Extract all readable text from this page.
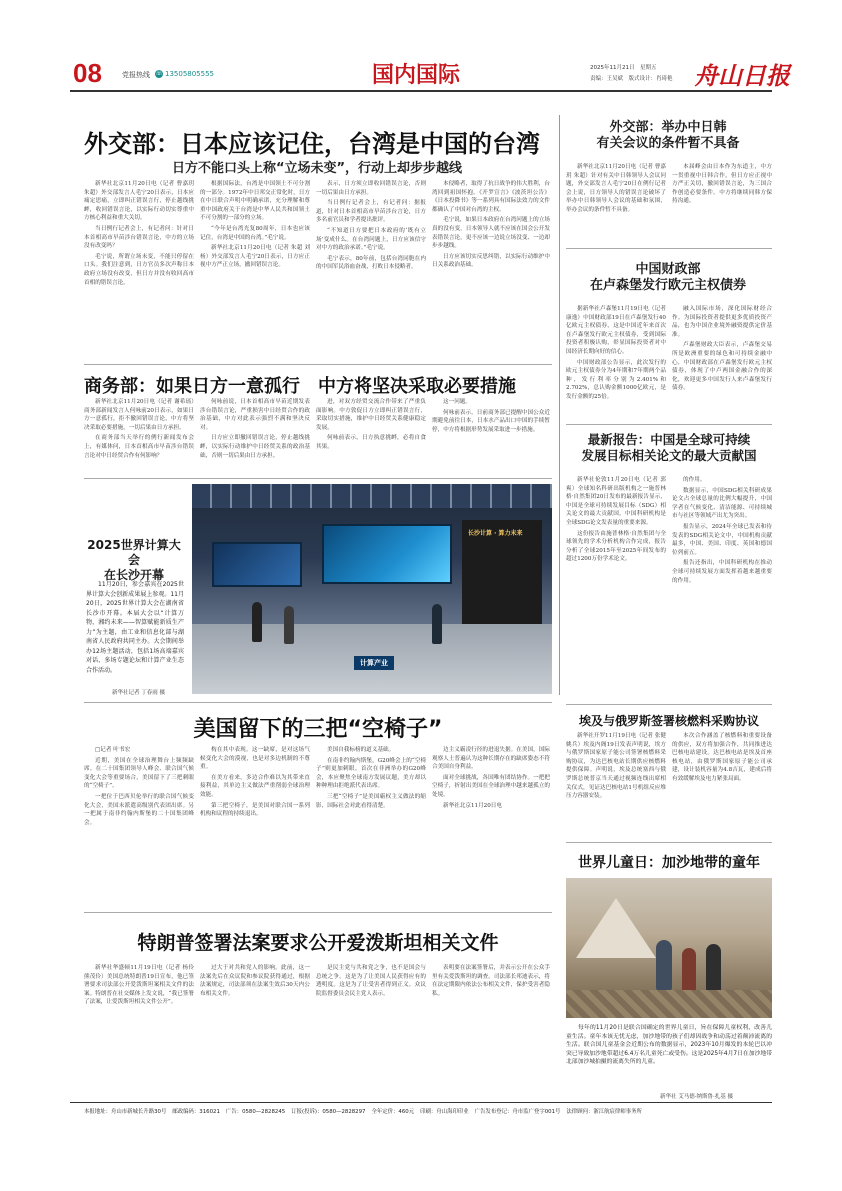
08	党报热线 ☏ 13505805555	国内国际	2025年11月21日　星期五
责编：王吴斌　版式设计：肖琦艳 舟山日报
外交部：日本应该记住，台湾是中国的台湾
日方不能口头上称“立场未变”，行动上却步步越线

新华社北京11月20日电（记者 曹嘉玥 朱超）外交部发言人毛宁20日表示，日本应痛定思痛，立即纠正错误言行，停止越线挑衅，收回错误言论，以实际行动切实尊重中方核心利益和重大关切。

当日例行记者会上，有记者问：针对日本首相高市早苗涉台错误言论，中方的立场没有改变吗？

毛宁说，所谓立场未变，不能只停留在口头。我们注意到，日方官员多次声称日本政府立场没有改变，但日方并没有收回高市首相的错误言论。

根据国际法，台湾是中国领土不可分割的一部分。1972年中日邦交正常化时，日方在中日联合声明中明确承诺，充分理解和尊重中国政府关于台湾是中华人民共和国领土不可分割的一部分的立场。

“今年是台湾光复80周年，日本也应该记住，台湾是中国的台湾。”毛宁说。

新华社北京11月20日电（记者 朱超 刘杨）外交部发言人毛宁20日表示，日方应正视中方严正立场，撤回错误言论。

表示，日方须立即收回错误言论，否则一切后果由日方承担。

当日例行记者会上，有记者问：据报道，针对日本首相高市早苗涉台言论，日方多名前官员和学者提出批评。

“不知道日方要把日本政府的‘既有立场’变成什么。在台湾问题上，日方应该信守对中方的政治承诺。”毛宁说。

毛宁表示，80年前，包括台湾同胞在内的中国军民浴血奋战，打败日本侵略者。

本侵略者，取得了抗日战争的伟大胜利，台湾回到祖国怀抱。《开罗宣言》《波茨坦公告》《日本投降书》等一系列具有国际法效力的文件都确认了中国对台湾的主权。

毛宁说，如果日本政府在台湾问题上的立场真的没有变，日本领导人就不应该在国会公开发表错误言论，更不应该一边说立场没变、一边却步步越线。

日方应该切实反思纠错，以实际行动维护中日关系政治基础。

外交部：举办中日韩
有关会议的条件暂不具备

新华社北京11月20日电（记者 曹嘉玥 朱超）针对有关中日韩领导人会议问题，外交部发言人毛宁20日在例行记者会上说，日方领导人的错误言论破坏了举办中日韩领导人会议的基础和氛围，举办会议的条件暂不具备。

本届峰会由日本作为东道主，中方一贯重视中日韩合作，但日方应正视中方严正关切，撤回错误言论，为三国合作创造必要条件。中方将继续同韩方保持沟通。

中国财政部
在卢森堡发行欧元主权债券

据新华社卢森堡11月19日电（记者 康逸）中国财政部19日在卢森堡发行40亿欧元主权债券，这是中国近年来首次在卢森堡发行欧元主权债券，受到国际投资者积极认购，彰显国际投资者对中国经济长期向好的信心。

中国财政部公告显示，此次发行的欧元主权债券分为4年期和7年期两个品种，发行利率分别为2.401%和2.702%，总认购金额1000亿欧元，是发行金额的25倍。

融入国际市场，深化国际财经合作。为国际投资者提供更多优质投资产品，也为中国企业境外融资提供定价基准。

卢森堡财政大臣表示，卢森堡交易所是欧洲重要的绿色和可持续金融中心，中国财政部在卢森堡发行欧元主权债券，体现了中卢两国金融合作的深化，欢迎更多中国发行人来卢森堡发行债券。

商务部：如果日方一意孤行　中方将坚决采取必要措施

新华社北京11月20日电（记者 谢希瑶）商务部新闻发言人何咏前20日表示，如果日方一意孤行，拒不撤回错误言论，中方将坚决采取必要措施，一切后果由日方承担。

在商务部当天举行的例行新闻发布会上，有媒体问，日本首相高市早苗涉台错误言论对中日经贸合作有何影响？

何咏前说，日本首相高市早苗近期发表涉台错误言论，严重损害中日经贸合作的政治基础，中方对此表示强烈不满和坚决反对。

日方应立即撤回错误言论，停止越线挑衅，以实际行动维护中日经贸关系的政治基础，否则一切后果由日方承担。

进，对双方经贸交流合作带来了严重负面影响。中方敦促日方立即纠正错误言行，采取切实措施，维护中日经贸关系健康稳定发展。

何咏前表示，日方执意挑衅，必将自食其果。

这一问题。

何咏前表示，日前商务部已提醒中国公众近期避免前往日本，日本水产品出口中国的手续暂停，中方将根据形势发展采取进一步措施。

2025世界计算大会
在长沙开幕

11月20日，参会嘉宾在2025世界计算大会创新成果展上参观。11月20日，2025世界计算大会在湖南省长沙市开幕。本届大会以“计算万物，湘约未来——智算赋能新质生产力”为主题，由工业和信息化部与湖南省人民政府共同主办。大会期间举办12场主题活动，包括1场高端嘉宾对话、多场专题论坛和计算产业生态合作活动。

新华社记者 丁春雨 摄
长沙计算 · 算力未来
计算产业
最新报告：中国是全球可持续
发展目标相关论文的最大贡献国

新华社伦敦11月20日电（记者 郭爽）全球知名科研出版机构之一施普林格·自然集团20日发布的最新报告显示，中国是全球可持续发展目标（SDG）相关论文的最大贡献国，中国科研机构是全球SDG论文发表量的重要来源。

这份报告由施普林格·自然集团与全球领先的学术分析机构合作完成，报告分析了全球2015年至2025年间发布的超过1200万份学术论文。

的作用。

数据显示，中国SDG相关科研成果论文占全球总量的比例大幅提升，中国学者在气候变化、清洁能源、可持续城市与社区等领域产出尤为突出。

报告显示，2024年全球已发表和待发表的SDG相关论文中，中国机构贡献最多，中国、美国、印度、英国和德国位列前五。

报告还指出，中国科研机构在推动全球可持续发展方面发挥着越来越重要的作用。

埃及与俄罗斯签署核燃料采购协议

新华社开罗11月19日电（记者 张健 姚兵）埃及内阁19日发表声明说，埃方与俄罗斯国家原子能公司签署核燃料采购协议，为达巴核电站长期供应核燃料提供保障。声明说，埃及总统塞西与俄罗斯总统普京当天通过视频连线出席相关仪式，见证达巴核电站1号机组反应堆压力容器安装。

本次合作涵盖了核燃料和重要设备的供应，双方将加强合作，共同推进达巴核电站建设。达巴核电站是埃及首座核电站，由俄罗斯国家原子能公司承建，设计装机容量为4.8吉瓦，建成后将有效缓解埃及电力紧张局面。

美国留下的三把“空椅子”

□记者 叶书宏

近期，美国在全球治理舞台上频频缺席。在二十国集团领导人峰会、联合国气候变化大会等重要场合，美国留下了三把刺眼的“空椅子”。

一把位于巴西贝伦举行的联合国气候变化大会，美国未派遣高级别代表团出席。另一把属于南非约翰内斯堡的二十国集团峰会。

构在其中表现。这一缺席，是对这场气候变化大会的漠视，也是对多边机制的不尊重。

在美方看来，多边合作难以为其带来直接利益，其单边主义做法严重削弱全球治理效能。

第三把空椅子，是美国对联合国一系列机构和议程的持续退出。

美国自我标榜的道义基础。

在南非约翰内斯堡，G20峰会上的“空椅子”则更加刺眼。首次在非洲举办的G20峰会，本应聚焦全球南方发展议题，美方却以种种理由拒绝派代表出席。

三把“空椅子”是美国霸权主义做法的缩影，国际社会对此看得清楚。

边主义霸凌行径的进退失据。在美国，国际观察人士普遍认为这种长期存在的缺席姿态不符合美国自身利益。

面对全球挑战，各国唯有团结协作。一把把空椅子，折射出美国在全球治理中越来越孤立的处境。

新华社北京11月20日电

世界儿童日：加沙地带的童年

每年的11月20日是联合国确定的世界儿童日，旨在保障儿童权利，改善儿童生活。童年本该无忧无虑，加沙地带的孩子们却因战争和动荡过着颠沛流离的生活。联合国儿童基金会近期公布的数据显示，2023年10月爆发的本轮巴以冲突已导致加沙地带超过6.4万名儿童死亡或受伤。这是2025年4月7日在加沙地带北部加沙城拍摄的流离失所的儿童。

新华社 艾马德·纳斯鲁·扎基 摄
特朗普签署法案要求公开爱泼斯坦相关文件

新华社华盛顿11月19日电（记者 杨伶 熊茂伶）美国总统特朗普19日宣布，他已签署要求司法部公开爱泼斯坦案相关文件的法案。特朗普在社交媒体上发文说，“我已签署了法案，让爱泼斯坦相关文件公开”。

过大于对共和党人的影响。此前，这一法案先后在众议院和参议院获得通过，根据法案规定，司法部须在法案生效后30天内公布相关文件。

是民主党与共和党之争，也不是国会与总统之争。这是为了让美国人民获得应有的透明度。这是为了让受害者得到正义。众议院监督委员会民主党人表示。

表明要在法案签署后，并表示公开在公众手里有关爱泼斯坦的调查。司法部长邦迪表示，将在法定期限内依法公布相关文件，保护受害者隐私。

本报地址：舟山市新城长升路30号 邮政编码：316021 广告：0580—2828245 订报(投诉)：0580—2828297 全年定价：460元 印刷：舟山海印印业 广告发布登记：舟市监广登字001号 法律顾问：浙江航宸律师事务所
